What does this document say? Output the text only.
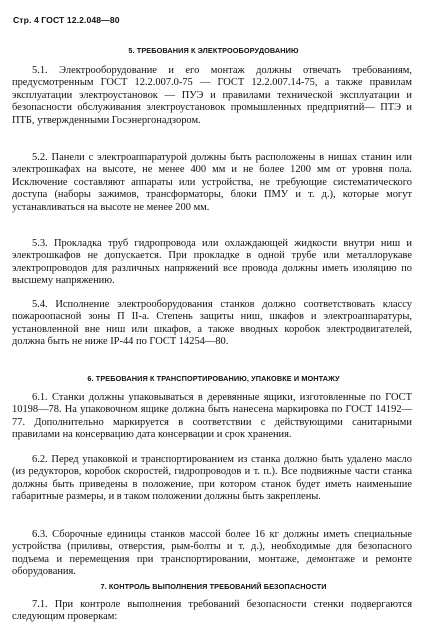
Стр. 4 ГОСТ 12.2.048—80
5. ТРЕБОВАНИЯ К ЭЛЕКТРООБОРУДОВАНИЮ

5.1. Электрооборудование и его монтаж должны отвечать требованиям, предусмотренным ГОСТ 12.2.007.0-75 — ГОСТ 12.2.007.14-75, а также правилам эксплуатации электроустановок — ПУЭ и правилами технической эксплуатации и безопасности обслуживания электроустановок промышленных предприятий— ПТЭ и ПТБ, утвержденными Госэнергонадзором.

5.2. Панели с электроаппаратурой должны быть расположены в нишах станин или электрошкафах на высоте, не менее 400 мм и не более 1200 мм от уровня пола. Исключение составляют аппараты или устройства, не требующие систематического доступа (наборы зажимов, трансформаторы, блоки ПМУ и т. д.), которые могут устанавливаться на высоте не менее 200 мм.

5.3. Прокладка труб гидропровода или охлаждающей жидкости внутри ниш и электрошкафов не допускается. При прокладке в одной трубе или металлорукаве электропроводов для различных напряжений все провода должны иметь изоляцию по высшему напряжению.

5.4. Исполнение электрооборудования станков должно соответствовать классу пожароопасной зоны П II-а. Степень защиты ниш, шкафов и электроаппаратуры, установленной вне ниш или шкафов, а также вводных коробок электродвигателей, должна быть не ниже IP-44 по ГОСТ 14254—80.

6. ТРЕБОВАНИЯ К ТРАНСПОРТИРОВАНИЮ, УПАКОВКЕ И МОНТАЖУ

6.1. Станки должны упаковываться в деревянные ящики, изготовленные по ГОСТ 10198—78. На упаковочном ящике должна быть нанесена маркировка по ГОСТ 14192—77. Дополнительно маркируется в соответствии с действующими санитарными правилами на консервацию дата консервации и срок хранения.

6.2. Перед упаковкой и транспортированием из станка должно быть удалено масло (из редукторов, коробок скоростей, гидропроводов и т. п.). Все подвижные части станка должны быть приведены в положение, при котором станок будет иметь наименьшие габаритные размеры, и в таком положении должны быть закреплены.

6.3. Сборочные единицы станков массой более 16 кг должны иметь специальные устройства (приливы, отверстия, рым-болты и т. д.), необходимые для безопасного подъема и перемещения при транспортировании, монтаже, демонтаже и ремонте оборудования.

7. КОНТРОЛЬ ВЫПОЛНЕНИЯ ТРЕБОВАНИЙ БЕЗОПАСНОСТИ

7.1. При контроле выполнения требований безопасности стенки подвергаются следующим проверкам:
